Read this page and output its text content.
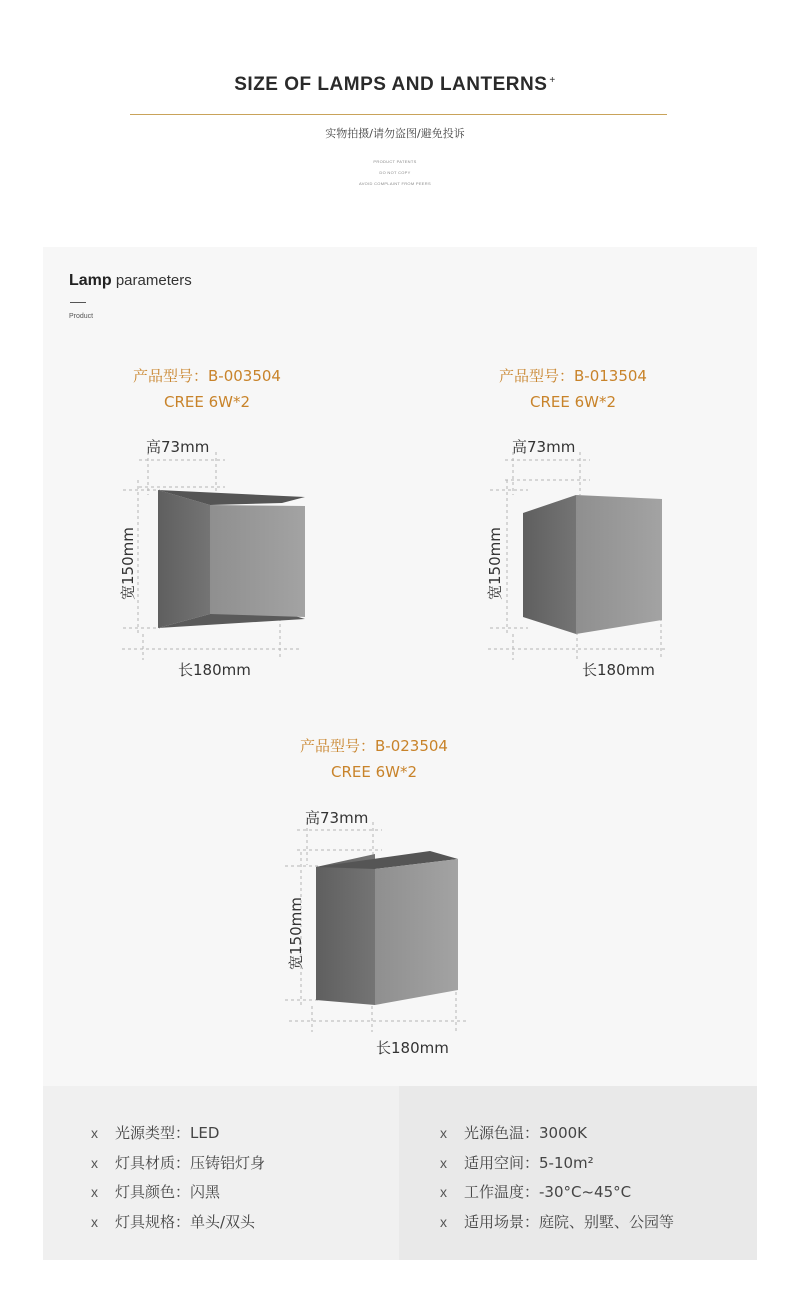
SIZE OF LAMPS AND LANTERNS +
实物拍摄/请勿盗图/避免投诉
PRODUCT PATENTS
DO NOT COPY
AVOID COMPLAINT FROM PEERS
Lamp parameters
Product
产品型号：B-003504
CREE 6W*2
产品型号：B-013504
CREE 6W*2
产品型号：B-023504
CREE 6W*2
高73mm
宽150mm
长180mm
高73mm
宽150mm
长180mm
高73mm
宽150mm
长180mm
x 光源类型：LED
x 灯具材质：压铸铝灯身
x 灯具颜色：闪黑
x 灯具规格：单头/双头
x 光源色温：3000K
x 适用空间：5-10m²
x 工作温度：-30°C~45°C
x 适用场景：庭院、别墅、公园等
